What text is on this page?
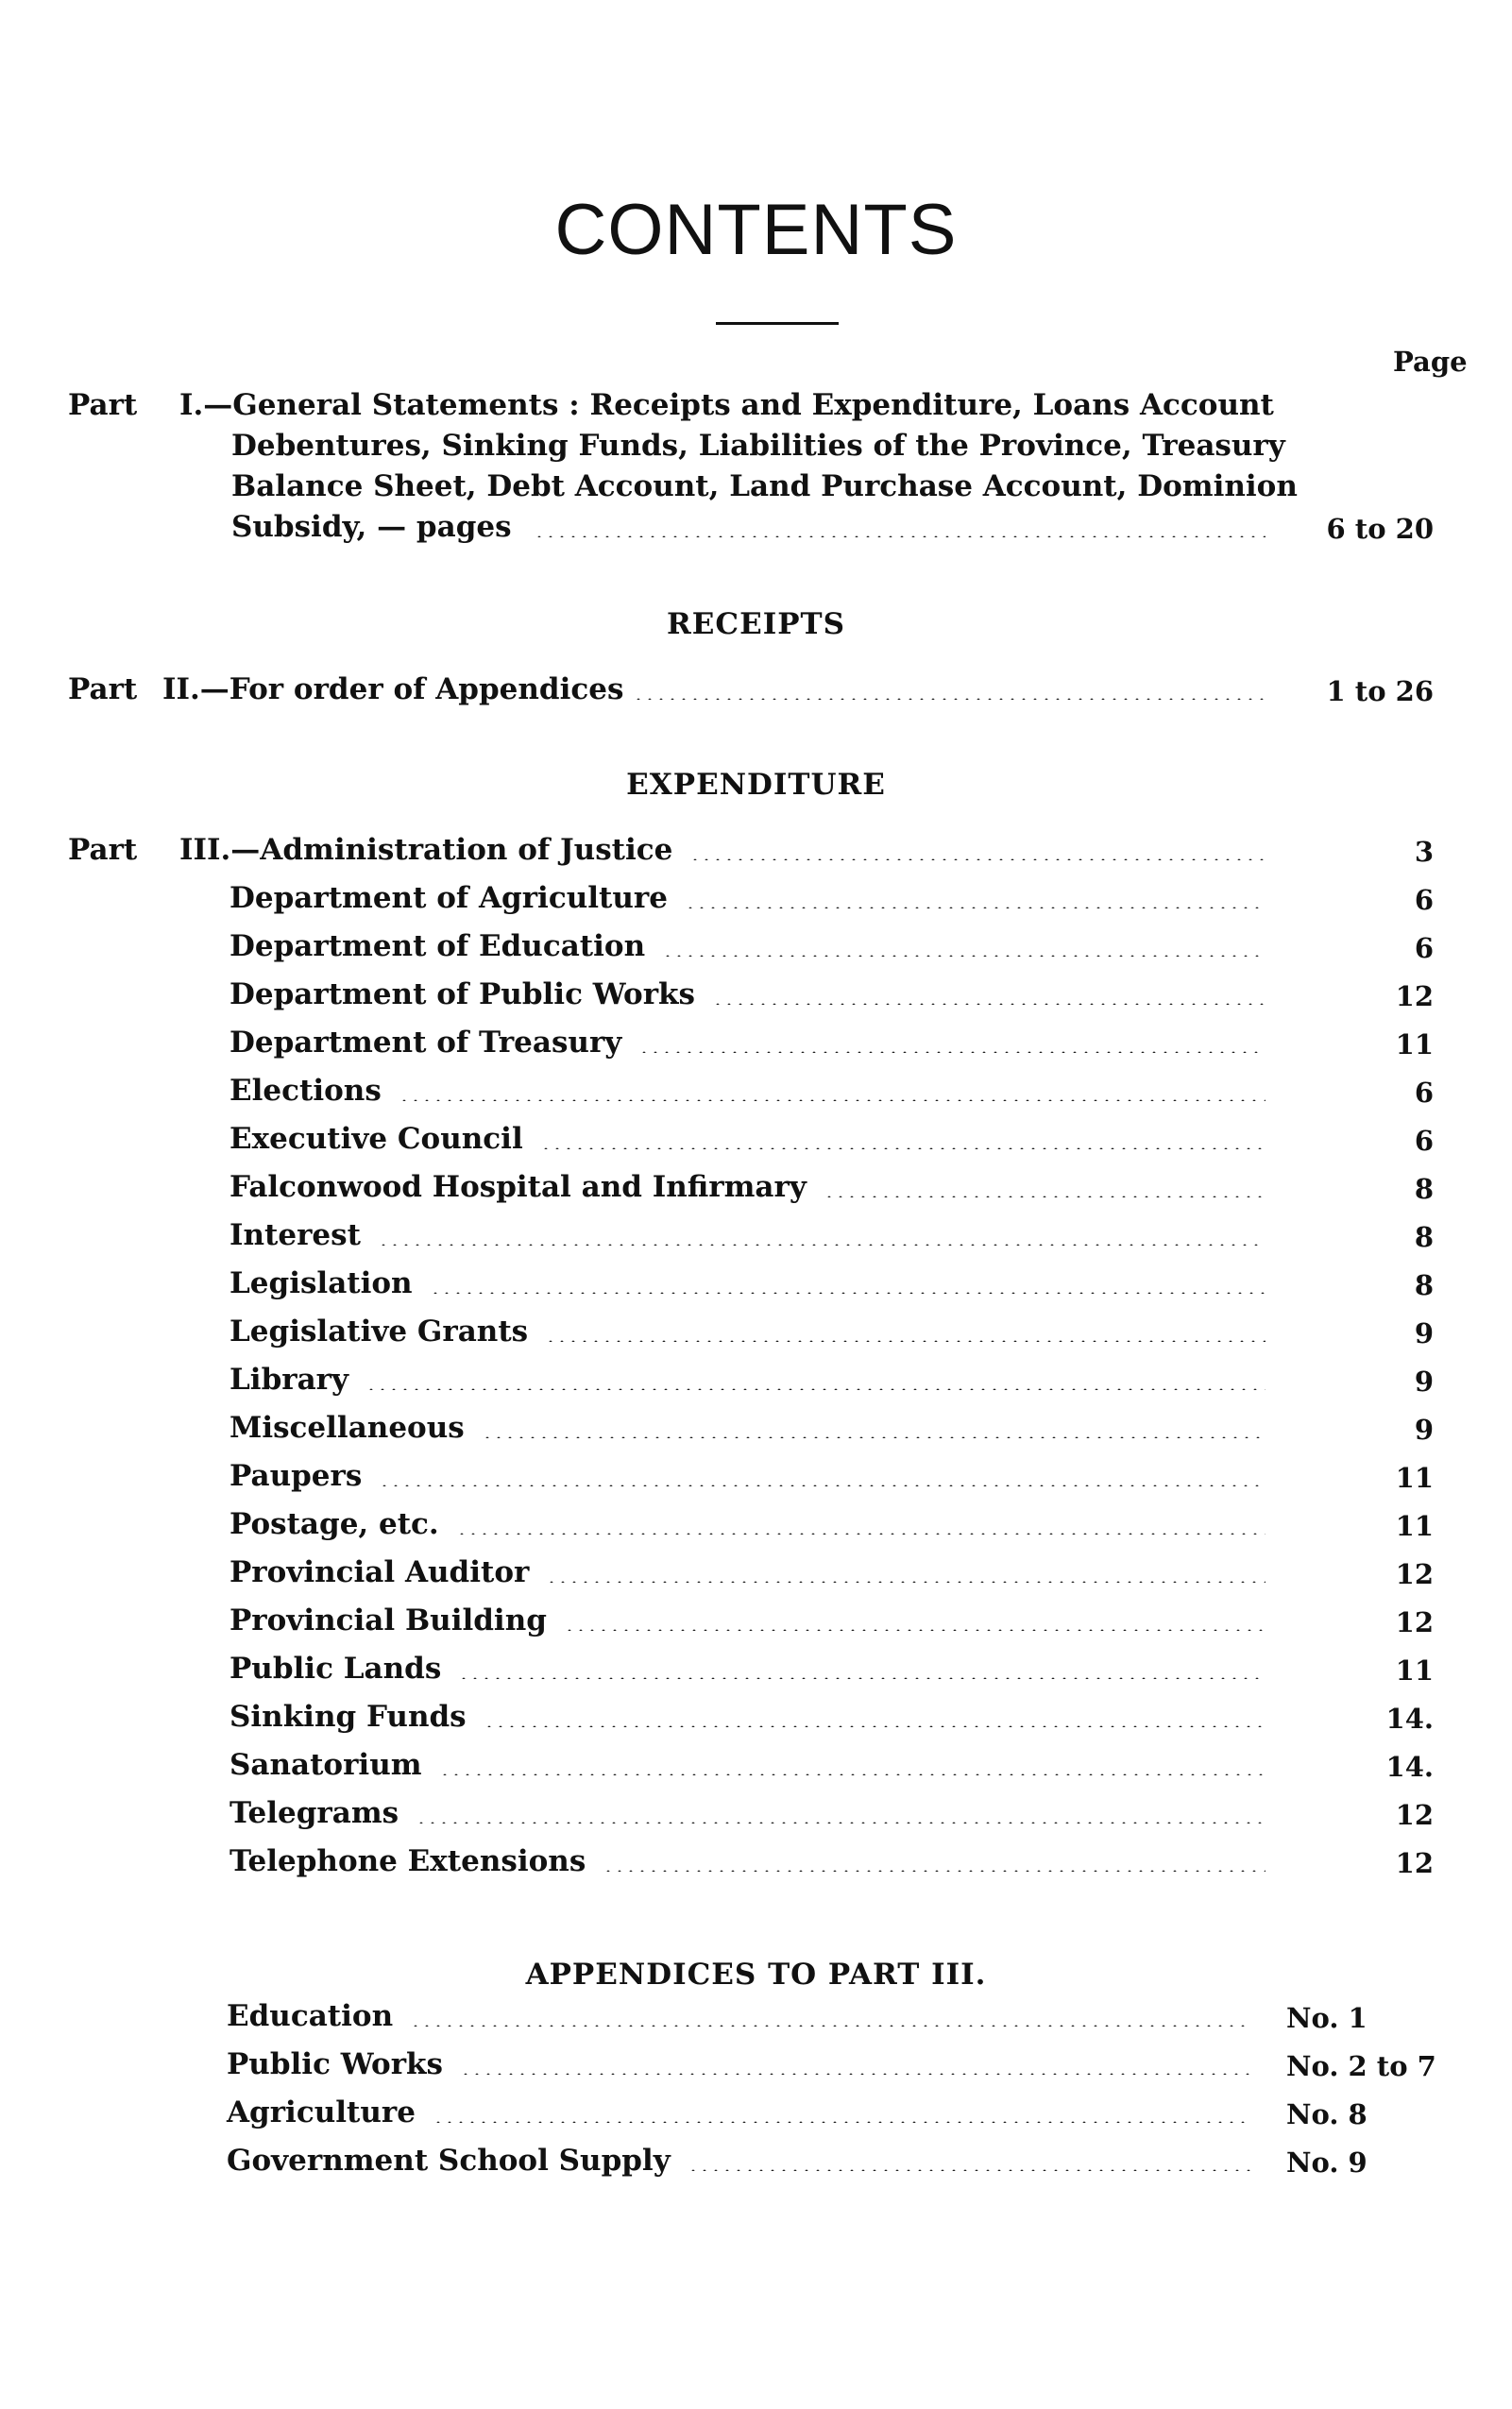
CONTENTS
Page
Part I.—General Statements : Receipts and Expenditure, Loans Account
Debentures, Sinking Funds, Liabilities of the Province, Treasury
Balance Sheet, Debt Account, Land Purchase Account, Dominion
Subsidy, — pages	6 to 20
RECEIPTS
Part II.—For order of Appendices	1 to 26
EXPENDITURE
Part III.—Administration of Justice	3
Department of Agriculture	6
Department of Education	6
Department of Public Works	12
Department of Treasury	11
Elections	6
Executive Council	6
Falconwood Hospital and Infirmary	8
Interest	8
Legislation	8
Legislative Grants	9
Library	9
Miscellaneous	9
Paupers	11
Postage, etc.	11
Provincial Auditor	12
Provincial Building	12
Public Lands	11
Sinking Funds	14.
Sanatorium	14.
Telegrams	12
Telephone Extensions	12
APPENDICES TO PART III.
Education	No. 1
Public Works	No. 2 to 7
Agriculture	No. 8
Government School Supply	No. 9
